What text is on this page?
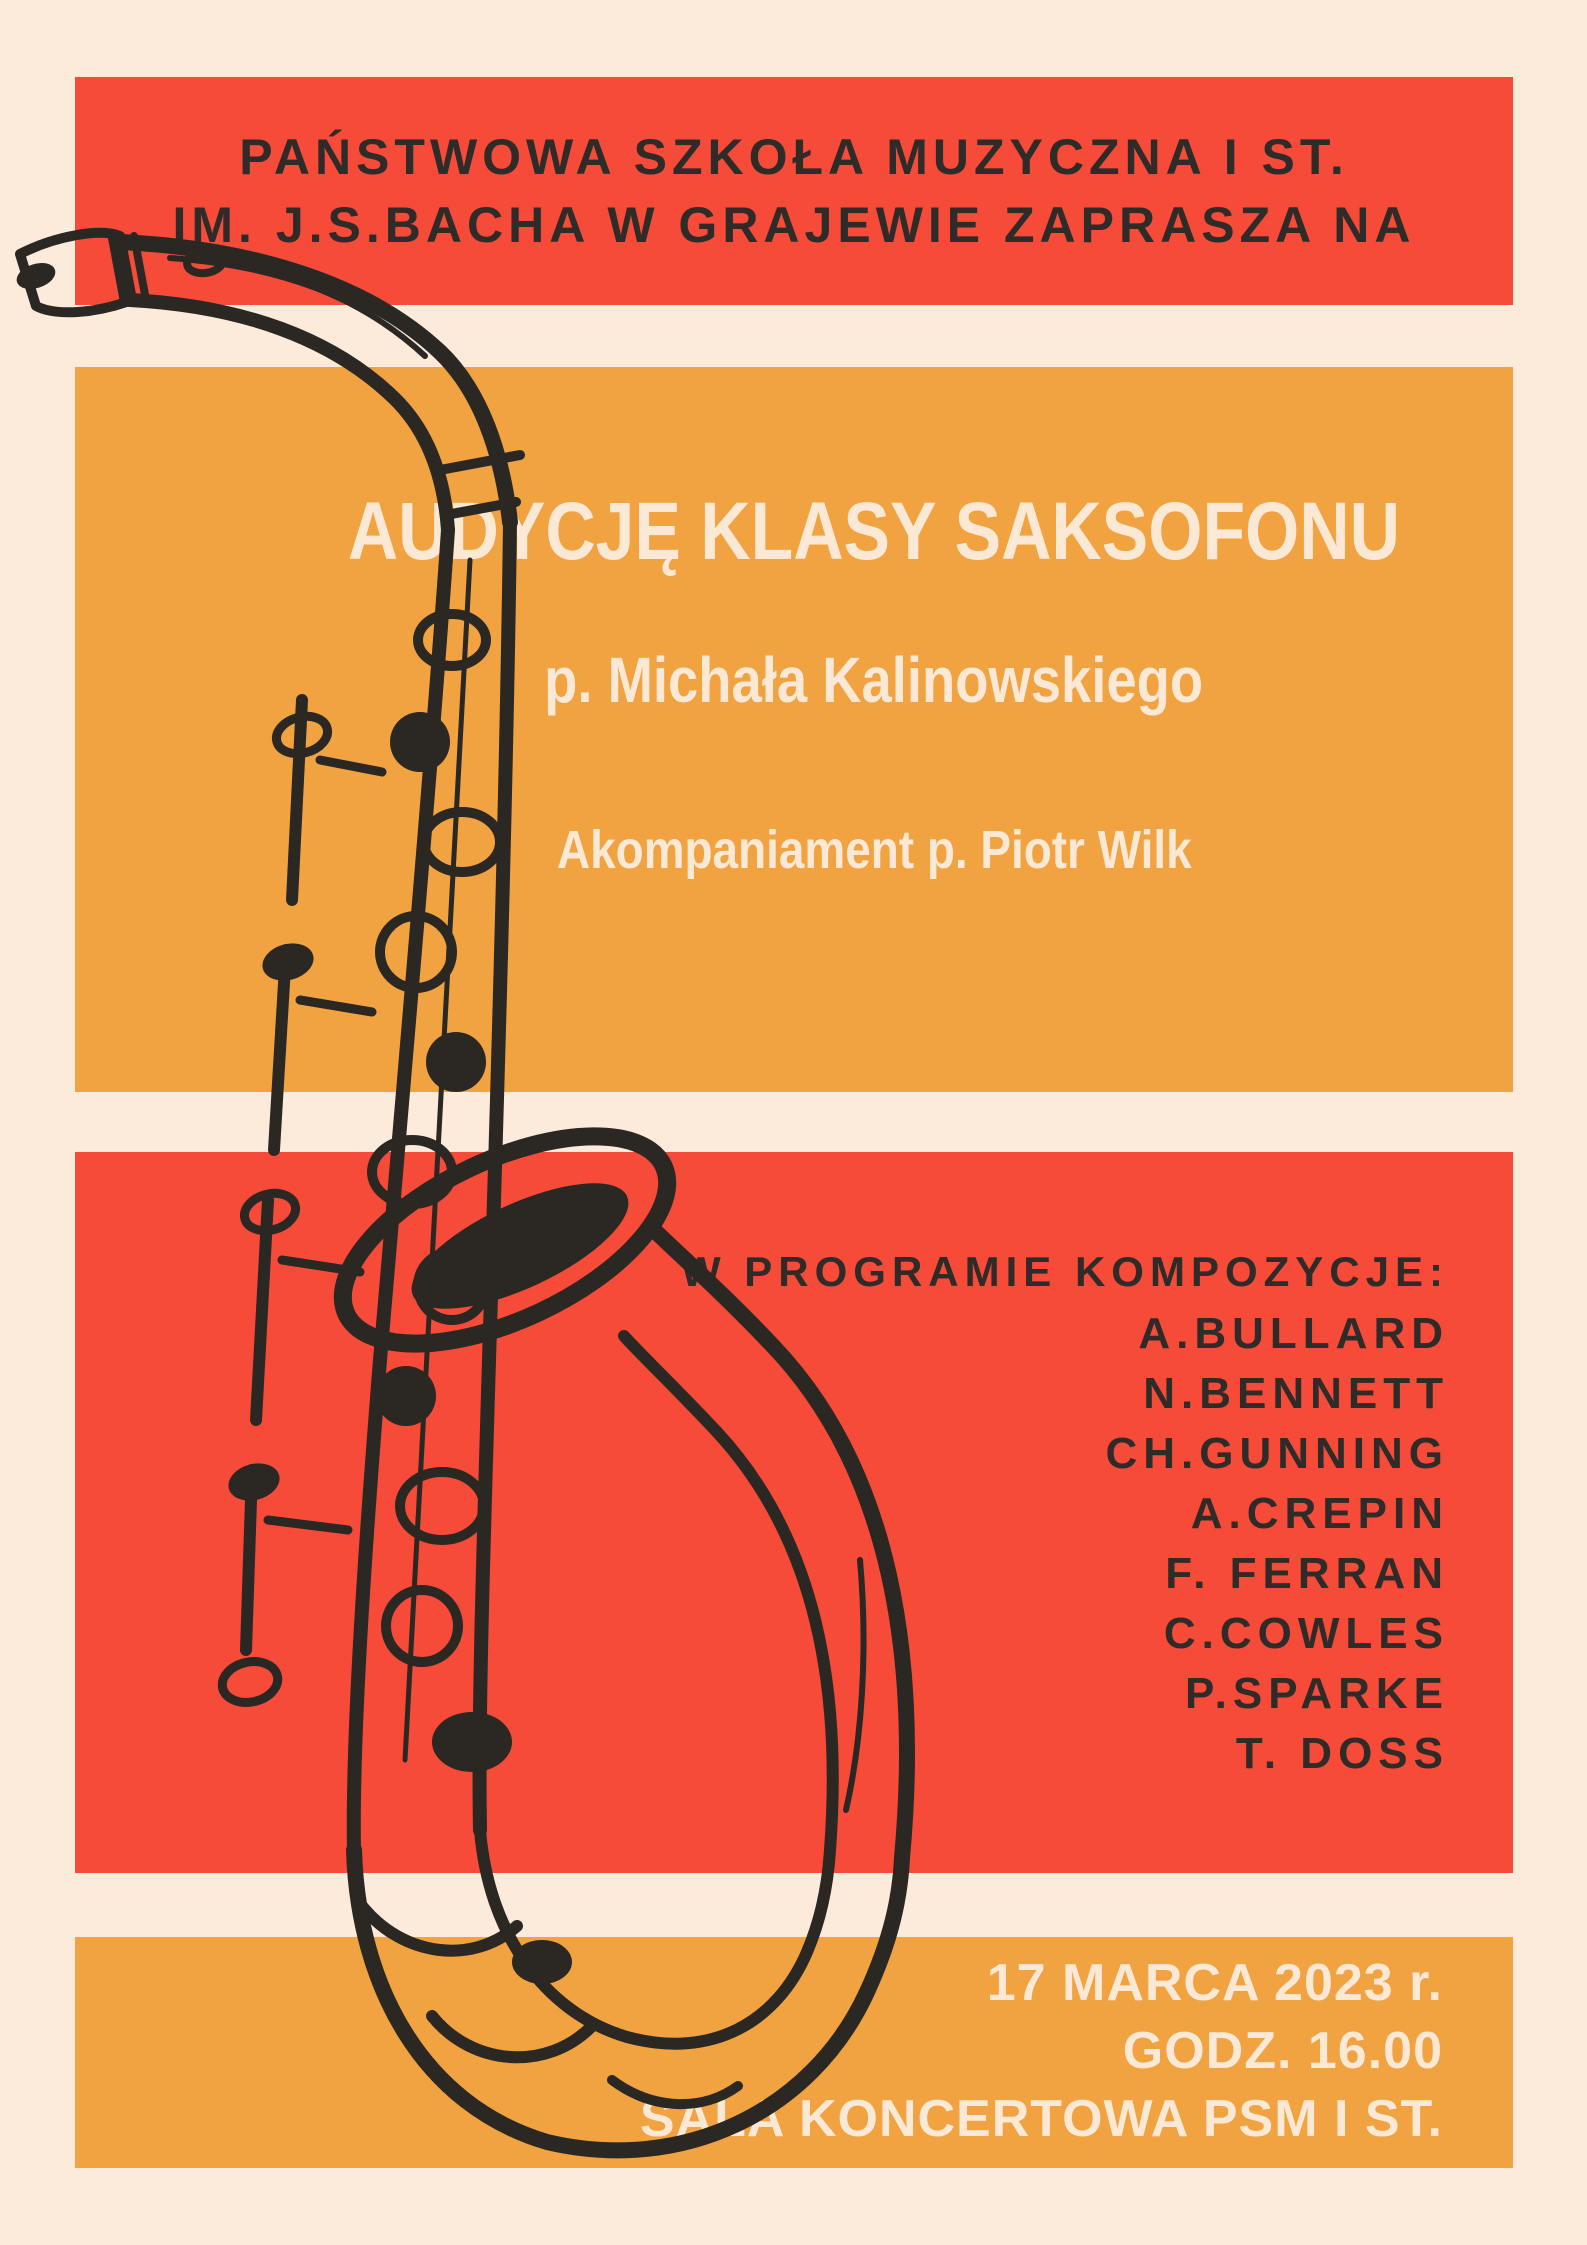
PAŃSTWOWA SZKOŁA MUZYCZNA I ST.
IM. J.S.BACHA W GRAJEWIE ZAPRASZA NA
AUDYCJĘ KLASY SAKSOFONU
p. Michała Kalinowskiego
Akompaniament p. Piotr Wilk
W PROGRAMIE KOMPOZYCJE:
A.BULLARD
N.BENNETT
CH.GUNNING
A.CREPIN
F. FERRAN
C.COWLES
P.SPARKE
T. DOSS
17 MARCA 2023 r.
GODZ. 16.00
SALA KONCERTOWA PSM I ST.
